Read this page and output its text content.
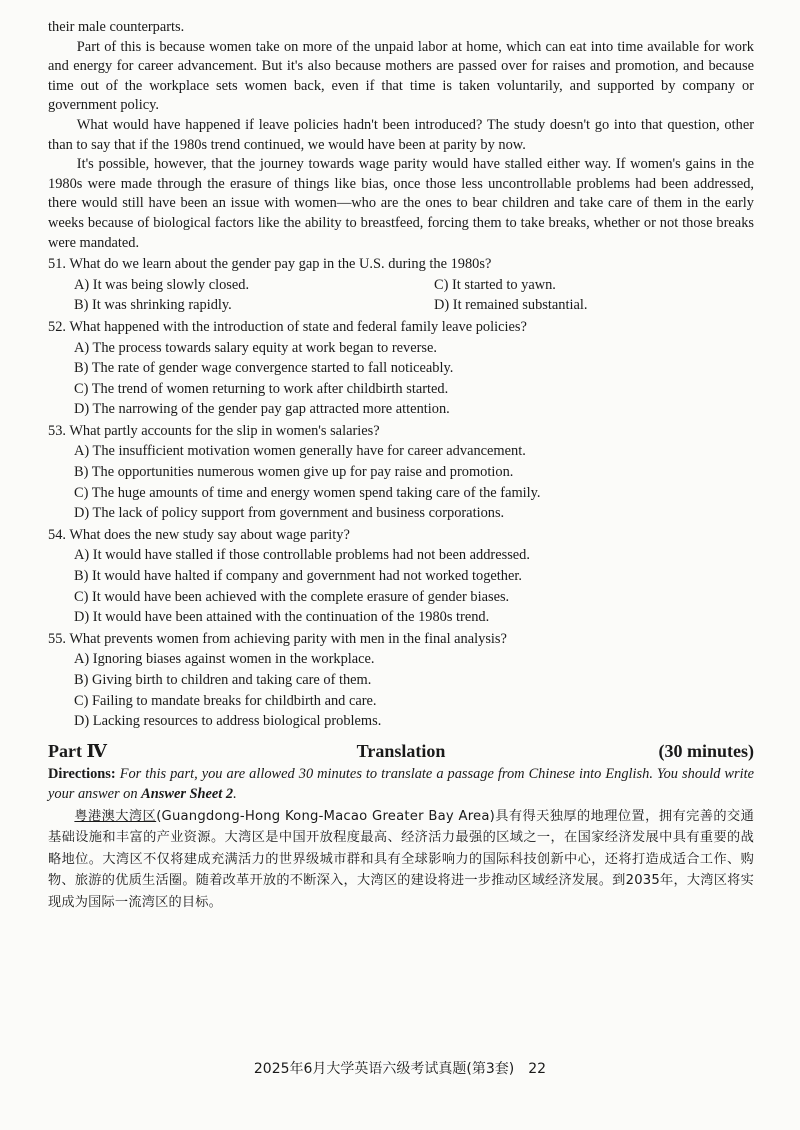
their male counterparts.

Part of this is because women take on more of the unpaid labor at home, which can eat into time available for work and energy for career advancement. But it's also because mothers are passed over for raises and promotion, and because time out of the workplace sets women back, even if that time is taken voluntarily, and supported by company or government policy.

What would have happened if leave policies hadn't been introduced? The study doesn't go into that question, other than to say that if the 1980s trend continued, we would have been at parity by now.

It's possible, however, that the journey towards wage parity would have stalled either way. If women's gains in the 1980s were made through the erasure of things like bias, once those less uncontrollable problems had been addressed, there would still have been an issue with women—who are the ones to bear children and take care of them in the early weeks because of biological factors like the ability to breastfeed, forcing them to take breaks, whether or not those breaks were mandated.

51. What do we learn about the gender pay gap in the U.S. during the 1980s?

A) It was being slowly closed.	C) It started to yawn.

B) It was shrinking rapidly.	D) It remained substantial.

52. What happened with the introduction of state and federal family leave policies?

A) The process towards salary equity at work began to reverse.

B) The rate of gender wage convergence started to fall noticeably.

C) The trend of women returning to work after childbirth started.

D) The narrowing of the gender pay gap attracted more attention.

53. What partly accounts for the slip in women's salaries?

A) The insufficient motivation women generally have for career advancement.

B) The opportunities numerous women give up for pay raise and promotion.

C) The huge amounts of time and energy women spend taking care of the family.

D) The lack of policy support from government and business corporations.

54. What does the new study say about wage parity?

A) It would have stalled if those controllable problems had not been addressed.

B) It would have halted if company and government had not worked together.

C) It would have been achieved with the complete erasure of gender biases.

D) It would have been attained with the continuation of the 1980s trend.

55. What prevents women from achieving parity with men in the final analysis?

A) Ignoring biases against women in the workplace.

B) Giving birth to children and taking care of them.

C) Failing to mandate breaks for childbirth and care.

D) Lacking resources to address biological problems.

Part Ⅳ	Translation	(30 minutes)

Directions: For this part, you are allowed 30 minutes to translate a passage from Chinese into English. You should write your answer on Answer Sheet 2.

粤港澳大湾区(Guangdong-Hong Kong-Macao Greater Bay Area)具有得天独厚的地理位置，拥有完善的交通基础设施和丰富的产业资源。大湾区是中国开放程度最高、经济活力最强的区域之一，在国家经济发展中具有重要的战略地位。大湾区不仅将建成充满活力的世界级城市群和具有全球影响力的国际科技创新中心，还将打造成适合工作、购物、旅游的优质生活圈。随着改革开放的不断深入，大湾区的建设将进一步推动区域经济发展。到2035年，大湾区将实现成为国际一流湾区的目标。

2025年6月大学英语六级考试真题(第3套) 22
